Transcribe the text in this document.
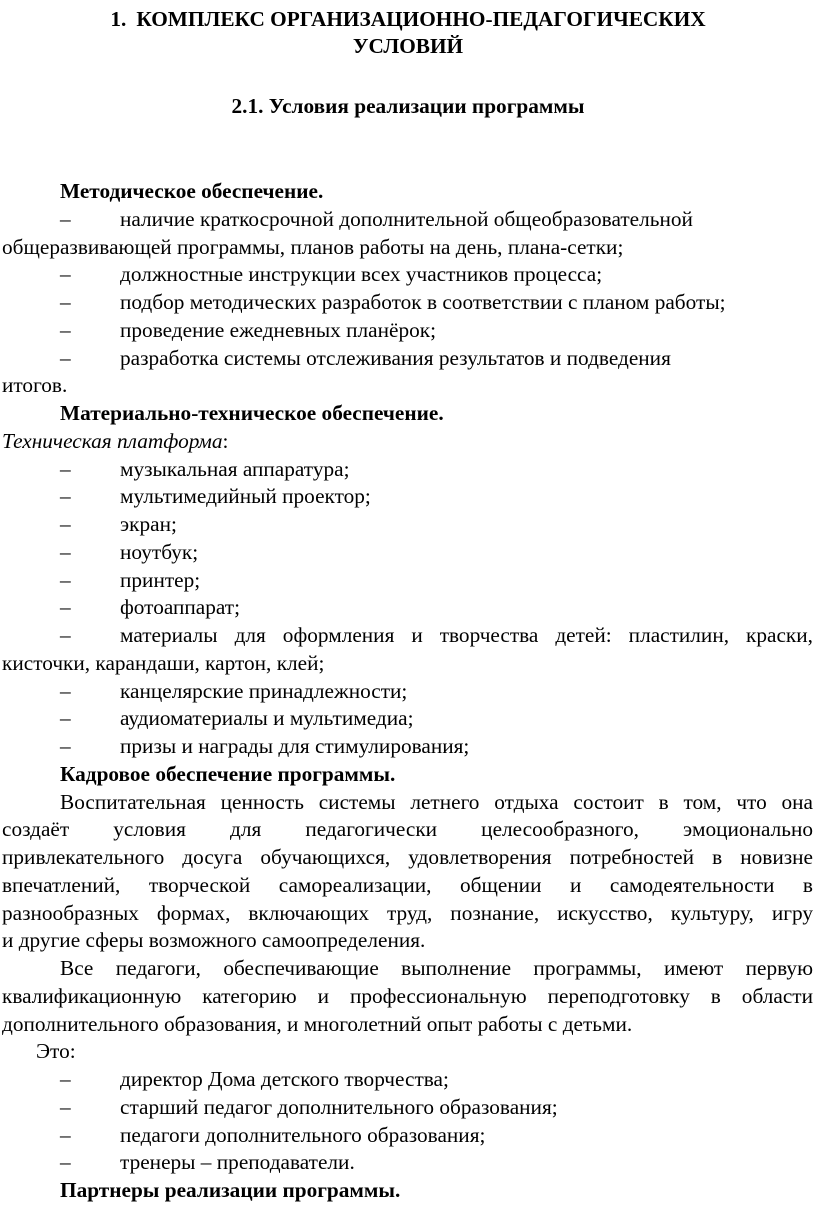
1. КОМПЛЕКС ОРГАНИЗАЦИОННО-ПЕДАГОГИЧЕСКИХ
УСЛОВИЙ
2.1. Условия реализации программы
Методическое обеспечение.
– наличие краткосрочной дополнительной общеобразовательной
общеразвивающей программы, планов работы на день, плана-сетки;
– должностные инструкции всех участников процесса;
– подбор методических разработок в соответствии с планом работы;
– проведение ежедневных планёрок;
– разработка системы отслеживания результатов и подведения
итогов.
Материально-техническое обеспечение.
Техническая платформа:
– музыкальная аппаратура;
– мультимедийный проектор;
– экран;
– ноутбук;
– принтер;
– фотоаппарат;
– материалы для оформления и творчества детей: пластилин, краски,
кисточки, карандаши, картон, клей;
– канцелярские принадлежности;
– аудиоматериалы и мультимедиа;
– призы и награды для стимулирования;
Кадровое обеспечение программы.
Воспитательная ценность системы летнего отдыха состоит в том, что она
создаёт условия для педагогически целесообразного, эмоционально
привлекательного досуга обучающихся, удовлетворения потребностей в новизне
впечатлений, творческой самореализации, общении и самодеятельности в
разнообразных формах, включающих труд, познание, искусство, культуру, игру
и другие сферы возможного самоопределения.
Все педагоги, обеспечивающие выполнение программы, имеют первую
квалификационную категорию и профессиональную переподготовку в области
дополнительного образования, и многолетний опыт работы с детьми.
Это:
– директор Дома детского творчества;
– старший педагог дополнительного образования;
– педагоги дополнительного образования;
– тренеры – преподаватели.
Партнеры реализации программы.
